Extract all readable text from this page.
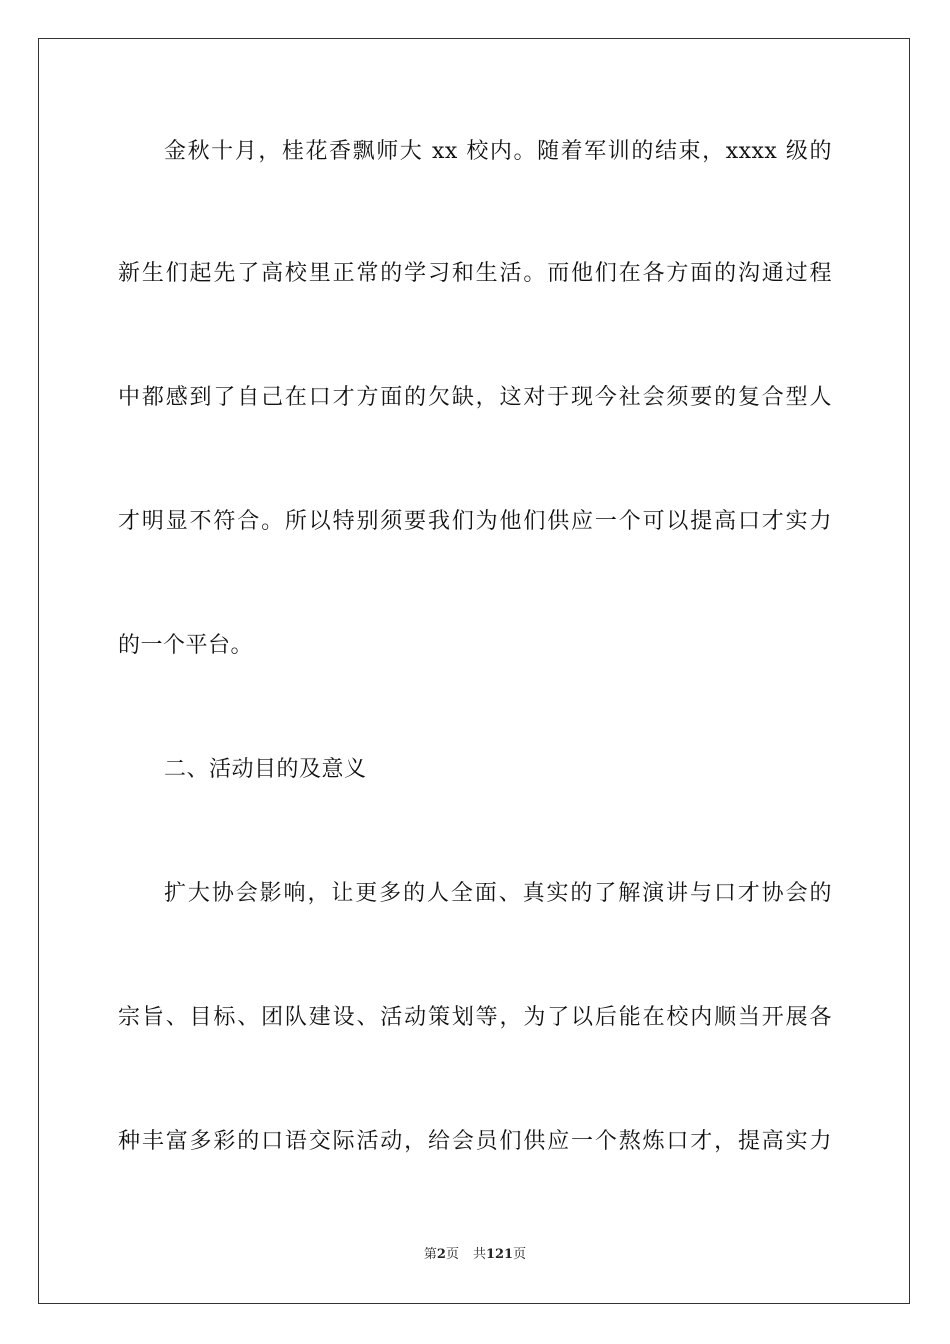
金秋十月，桂花香飘师大 xx 校内。随着军训的结束，xxxx 级的
新生们起先了高校里正常的学习和生活。而他们在各方面的沟通过程
中都感到了自己在口才方面的欠缺，这对于现今社会须要的复合型人
才明显不符合。所以特别须要我们为他们供应一个可以提高口才实力
的一个平台。
二、活动目的及意义
扩大协会影响，让更多的人全面、真实的了解演讲与口才协会的
宗旨、目标、团队建设、活动策划等，为了以后能在校内顺当开展各
种丰富多彩的口语交际活动，给会员们供应一个熬炼口才，提高实力
第2页 共121页
